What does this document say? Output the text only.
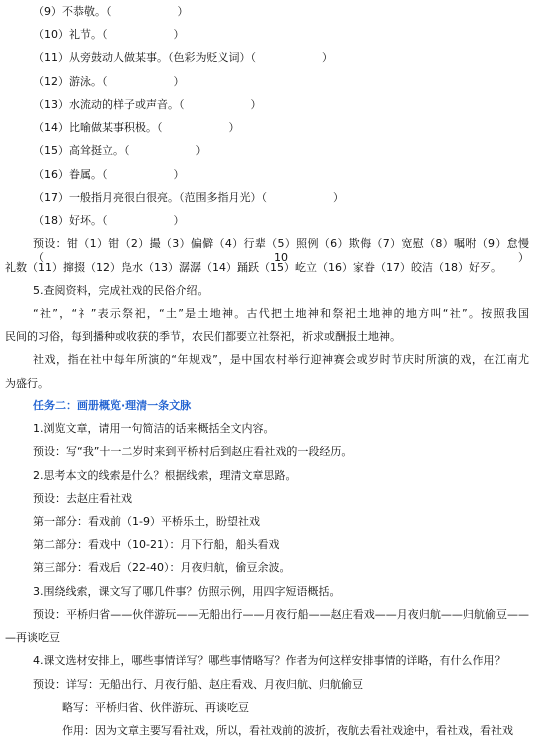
（9）不恭敬。（　　　　　　）
（10）礼节。（　　　　　　）
（11）从旁鼓动人做某事。（色彩为贬义词）（　　　　　　）
（12）游泳。（　　　　　　）
（13）水流动的样子或声音。（　　　　　　）
（14）比喻做某事积极。（　　　　　　）
（15）高耸挺立。（　　　　　　）
（16）眷属。（　　　　　　）
（17）一般指月亮很白很亮。（范围多指月光）（　　　　　　）
（18）好坏。（　　　　　　）
预设：钳（1）钳（2）撮（3）偏僻（4）行辈（5）照例（6）欺侮（7）宽慰（8）嘱咐（9）怠慢（10）
礼数（11）撺掇（12）凫水（13）潺潺（14）踊跃（15）屹立（16）家眷（17）皎洁（18）好歹。
5.查阅资料，完成社戏的民俗介绍。
“社”，“礻”表示祭祀，“土”是土地神。古代把土地神和祭祀土地神的地方叫“社”。按照我国
民间的习俗，每到播种或收获的季节，农民们都要立社祭祀，祈求或酬报土地神。
社戏，指在社中每年所演的“年规戏”，是中国农村举行迎神赛会或岁时节庆时所演的戏，在江南尤
为盛行。
任务二：画册概览·理清一条文脉
1.浏览文章，请用一句简洁的话来概括全文内容。
预设：写“我”十一二岁时来到平桥村后到赵庄看社戏的一段经历。
2.思考本文的线索是什么？根据线索，理清文章思路。
预设：去赵庄看社戏
第一部分：看戏前（1-9）平桥乐土，盼望社戏
第二部分：看戏中（10-21）：月下行船，船头看戏
第三部分：看戏后（22-40）：月夜归航，偷豆余波。
3.围绕线索，课文写了哪几件事？仿照示例，用四字短语概括。
预设：平桥归省——伙伴游玩——无船出行——月夜行船——赵庄看戏——月夜归航——归航偷豆——
—再谈吃豆
4.课文选材安排上，哪些事情详写？哪些事情略写？作者为何这样安排事情的详略，有什么作用？
预设：详写：无船出行、月夜行船、赵庄看戏、月夜归航、归航偷豆
略写：平桥归省、伙伴游玩、再谈吃豆
作用：因为文章主要写看社戏，所以，看社戏前的波折，夜航去看社戏途中，看社戏，看社戏
